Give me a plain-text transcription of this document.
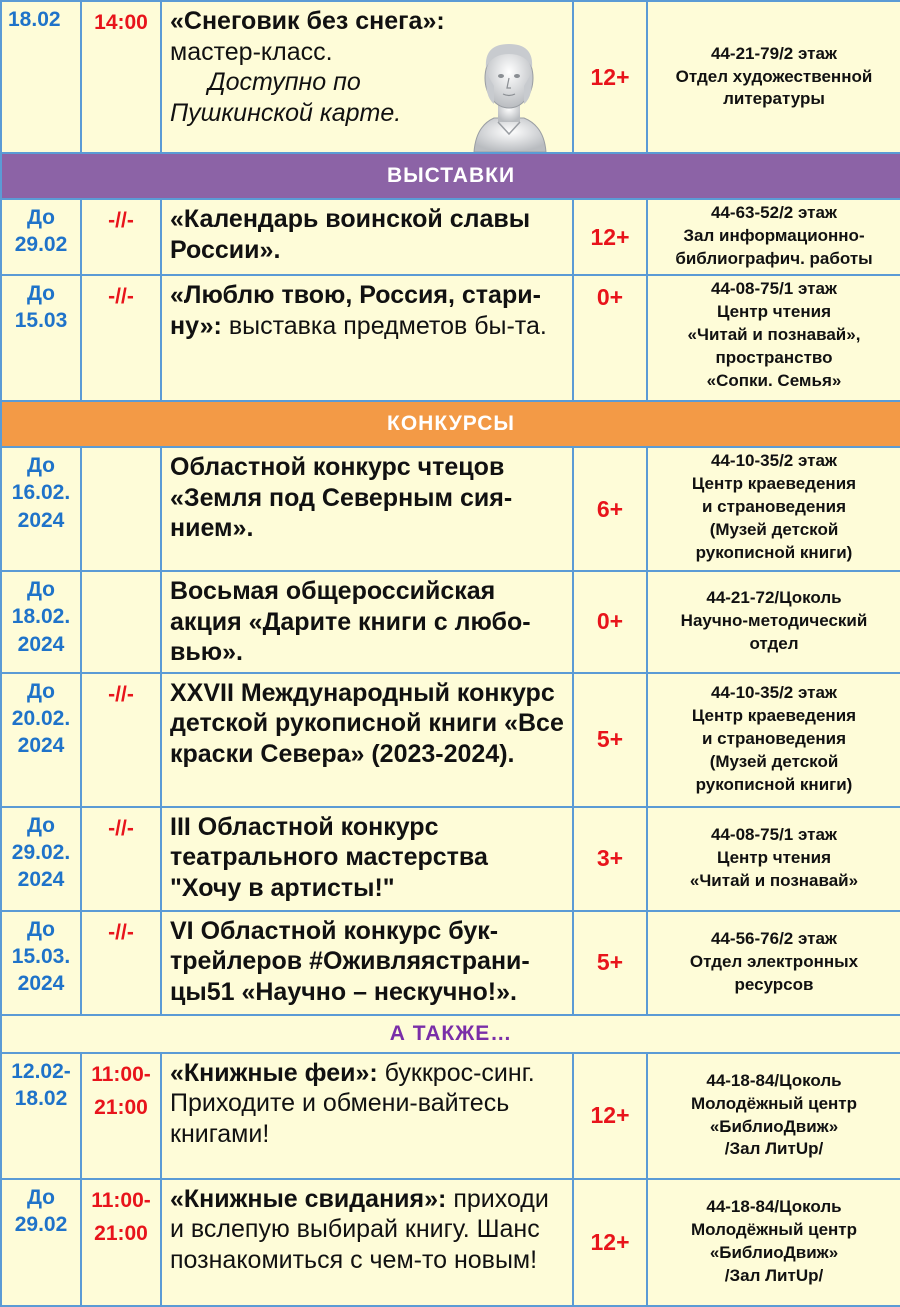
18.02	14:00	«Снеговик без снега»:
мастер-класс.
Доступно по
Пушкинской карте.	12+	44-21-79/2 этаж
Отдел художественной
литературы
ВЫСТАВКИ				
До
29.02	-//-	«Календарь воинской славы России».	12+	44-63-52/2 этаж
Зал информационно-
библиографич. работы
До
15.03	-//-	«Люблю твою, Россия, стари-ну»: выставка предметов бы-та.	0+	44-08-75/1 этаж
Центр чтения
«Читай и познавай»,
пространство
«Сопки. Семья»
КОНКУРСЫ				
До
16.02.
2024		Областной конкурс чтецов «Земля под Северным сия-нием».	6+	44-10-35/2 этаж
Центр краеведения
и страноведения
(Музей детской
рукописной книги)
До
18.02.
2024		Восьмая общероссийская акция «Дарите книги с любо-вью».	0+	44-21-72/Цоколь
Научно-методический
отдел
До
20.02.
2024	-//-	XXVII Международный конкурс детской рукописной книги «Все краски Севера» (2023-2024).	5+	44-10-35/2 этаж
Центр краеведения
и страноведения
(Музей детской
рукописной книги)
До
29.02.
2024	-//-	III Областной конкурс театрального мастерства "Хочу в артисты!"	3+	44-08-75/1 этаж
Центр чтения
«Читай и познавай»
До
15.03.
2024	-//-	VI Областной конкурс бук-трейлеров #Оживляястрани-цы51 «Научно – нескучно!».	5+	44-56-76/2 этаж
Отдел электронных
ресурсов
А ТАКЖЕ…				
12.02-
18.02	11:00-
21:00	«Книжные феи»: буккрос-синг. Приходите и обмени-вайтесь книгами!	12+	44-18-84/Цоколь
Молодёжный центр
«БиблиоДвиж»
/Зал ЛитUp/
До
29.02	11:00-
21:00	«Книжные свидания»: приходи и вслепую выбирай книгу. Шанс познакомиться с чем-то новым!	12+	44-18-84/Цоколь
Молодёжный центр
«БиблиоДвиж»
/Зал ЛитUp/
